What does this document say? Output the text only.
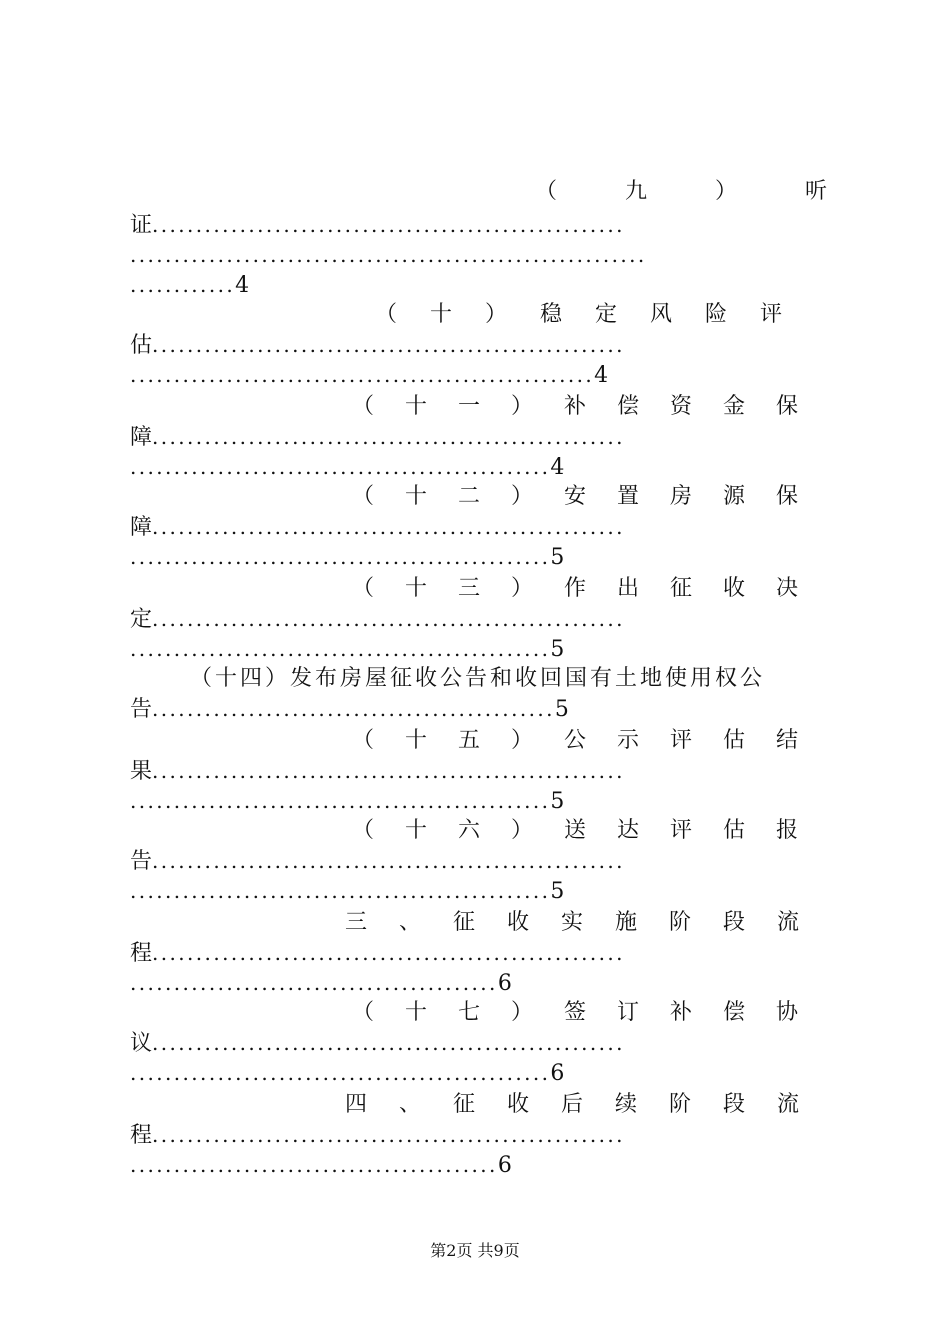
（九）听
证......................................................
...........................................................
............4
（十）稳定风险评
估......................................................
.....................................................4
（十一）补偿资金保
障......................................................
................................................4
（十二）安置房源保
障......................................................
................................................5
（十三）作出征收决
定......................................................
................................................5
（十四）发布房屋征收公告和收回国有土地使用权公
告..............................................5
（十五）公示评估结
果......................................................
................................................5
（十六）送达评估报
告......................................................
................................................5
三、征收实施阶段流
程......................................................
..........................................6
（十七）签订补偿协
议......................................................
................................................6
四、征收后续阶段流
程......................................................
..........................................6
第2页 共9页
